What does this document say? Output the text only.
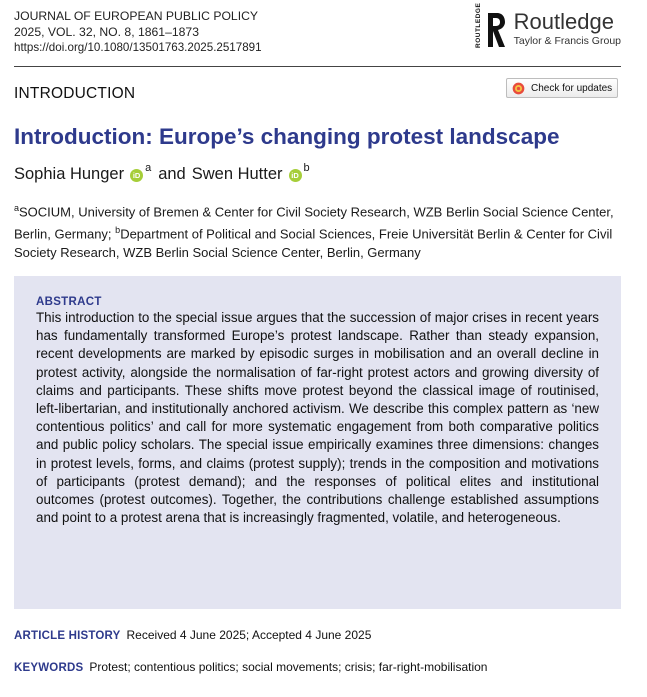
JOURNAL OF EUROPEAN PUBLIC POLICY
2025, VOL. 32, NO. 8, 1861–1873
https://doi.org/10.1080/13501763.2025.2517891	ROUTLEDGE Routledge
Taylor & Francis Group
INTRODUCTION	Check for updates
Introduction: Europe’s changing protest landscape
Sophia Hunger	iD
a and Swen Hutter	iD
b

$^a$SOCIUM, University of Bremen & Center for Civil Society Research, WZB Berlin Social Science Center, Berlin, Germany; $^b$Department of Political and Social Sciences, Freie Universität Berlin & Center for Civil Society Research, WZB Berlin Social Science Center, Berlin, Germany

ABSTRACT

This introduction to the special issue argues that the succession of major crises in recent years has fundamentally transformed Europe’s protest landscape. Rather than steady expansion, recent developments are marked by episodic surges in mobilisation and an overall decline in protest activity, alongside the normalisation of far-right protest actors and growing diversity of claims and participants. These shifts move protest beyond the classical image of routinised, left-libertarian, and institutionally anchored activism. We describe this complex pattern as ‘new contentious politics’ and call for more systematic engagement from both comparative politics and public policy scholars. The special issue empirically examines three dimensions: changes in protest levels, forms, and claims (protest supply); trends in the composition and motivations of participants (protest demand); and the responses of political elites and institutional outcomes (protest outcomes). Together, the contributions challenge established assumptions and point to a protest arena that is increasingly fragmented, volatile, and heterogeneous.

ARTICLE HISTORY Received 4 June 2025; Accepted 4 June 2025
KEYWORDS Protest; contentious politics; social movements; crisis; far-right-mobilisation
